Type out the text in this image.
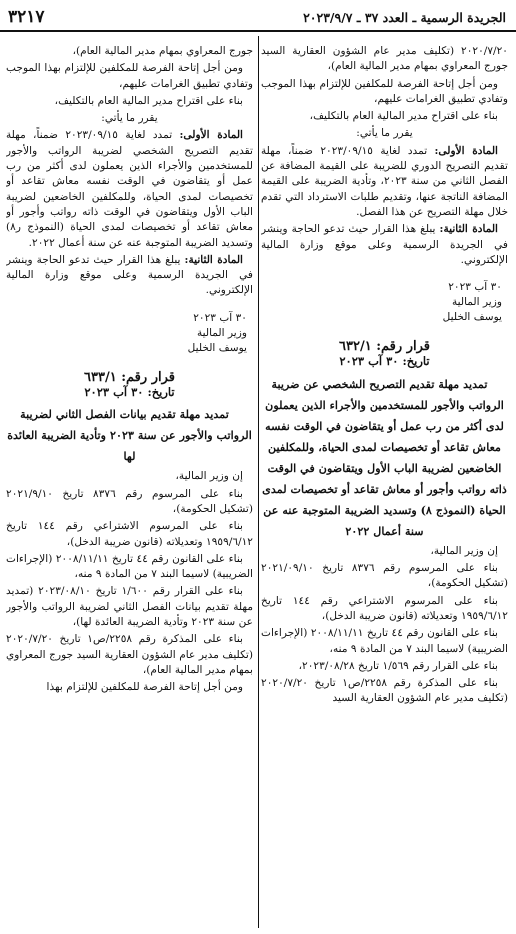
الجريدة الرسمية ـ العدد ٣٧ ـ ٢٠٢٣/٩/٧
٣٢١٧

٢٠٢٠/٧/٢٠ (تكليف مدير عام الشؤون العقارية السيد جورج المعراوي بمهام مدير المالية العام)،

ومن أجل إتاحة الفرصة للمكلفين للإلتزام بهذا الموجب وتفادي تطبيق الغرامات عليهم،

بناء على اقتراح مدير المالية العام بالتكليف،

يقرر ما يأتي:

المادة الأولى: تمدد لغاية ٢٠٢٣/٠٩/١٥ ضمناً، مهلة تقديم التصريح الدوري للضريبة على القيمة المضافة عن الفصل الثاني من سنة ٢٠٢٣، وتأدية الضريبة على القيمة المضافة الناتجة عنها، وتقديم طلبات الاسترداد التي تقدم خلال مهلة التصريح عن هذا الفصل.

المادة الثانية: يبلغ هذا القرار حيث تدعو الحاجة وينشر في الجريدة الرسمية وعلى موقع وزارة المالية الإلكتروني.

٣٠ آب ٢٠٢٣
وزير المالية
يوسف الخليل
قرار رقم: ٦٣٢/١
تاريخ: ٣٠ آب ٢٠٢٣

تمديد مهلة تقديم التصريح الشخصي عن ضريبة الرواتب والأجور للمستخدمين والأجراء الذين يعملون لدى أكثر من رب عمل أو يتقاضون في الوقت نفسه معاش تقاعد أو تخصيصات لمدى الحياة، وللمكلفين الخاضعين لضريبة الباب الأول ويتقاضون في الوقت ذاته رواتب وأجور أو معاش تقاعد أو تخصيصات لمدى الحياة (النموذج ٨) وتسديد الضريبة المتوجبة عنه عن سنة أعمال ٢٠٢٢

إن وزير المالية،

بناء على المرسوم رقم ٨٣٧٦ تاريخ ٢٠٢١/٠٩/١٠ (تشكيل الحكومة)،

بناء على المرسوم الاشتراعي رقم ١٤٤ تاريخ ١٩٥٩/٦/١٢ وتعديلاته (قانون ضريبة الدخل)،

بناء على القانون رقم ٤٤ تاريخ ٢٠٠٨/١١/١١ (الإجراءات الضريبية) لاسيما البند ٧ من المادة ٩ منه،

بناء على القرار رقم ١/٥٦٩ تاريخ ٢٠٢٣/٠٨/٢٨،

بناء على المذكرة رقم ٢٢٥٨/ص١ تاريخ ٢٠٢٠/٧/٢٠ (تكليف مدير عام الشؤون العقارية السيد

جورج المعراوي بمهام مدير المالية العام)،

ومن أجل إتاحة الفرصة للمكلفين للإلتزام بهذا الموجب وتفادي تطبيق الغرامات عليهم،

بناء على اقتراح مدير المالية العام بالتكليف،

يقرر ما يأتي:

المادة الأولى: تمدد لغاية ٢٠٢٣/٠٩/١٥ ضمناً، مهلة تقديم التصريح الشخصي لضريبة الرواتب والأجور للمستخدمين والأجراء الذين يعملون لدى أكثر من رب عمل أو يتقاضون في الوقت نفسه معاش تقاعد أو تخصيصات لمدى الحياة، وللمكلفين الخاضعين لضريبة الباب الأول ويتقاضون في الوقت ذاته رواتب وأجور أو معاش تقاعد أو تخصيصات لمدى الحياة (النموذج ر٨) وتسديد الضريبة المتوجبة عنه عن سنة أعمال ٢٠٢٢.

المادة الثانية: يبلغ هذا القرار حيث تدعو الحاجة وينشر في الجريدة الرسمية وعلى موقع وزارة المالية الإلكتروني.

٣٠ آب ٢٠٢٣
وزير المالية
يوسف الخليل
قرار رقم: ٦٣٣/١
تاريخ: ٣٠ آب ٢٠٢٣

تمديد مهلة تقديم بيانات الفصل الثاني لضريبة الرواتب والأجور عن سنة ٢٠٢٣ وتأدية الضريبة العائدة لها

إن وزير المالية،

بناء على المرسوم رقم ٨٣٧٦ تاريخ ٢٠٢١/٩/١٠ (تشكيل الحكومة)،

بناء على المرسوم الاشتراعي رقم ١٤٤ تاريخ ١٩٥٩/٦/١٢ وتعديلاته (قانون ضريبة الدخل)،

بناء على القانون رقم ٤٤ تاريخ ٢٠٠٨/١١/١١ (الإجراءات الضريبية) لاسيما البند ٧ من المادة ٩ منه،

بناء على القرار رقم ١/٦٠٠ تاريخ ٢٠٢٣/٠٨/١٠ (تمديد مهلة تقديم بيانات الفصل الثاني لضريبة الرواتب والأجور عن سنة ٢٠٢٣ وتأدية الضريبة العائدة لها)،

بناء على المذكرة رقم ٢٢٥٨/ص١ تاريخ ٢٠٢٠/٧/٢٠ (تكليف مدير عام الشؤون العقارية السيد جورج المعراوي بمهام مدير المالية العام)،

ومن أجل إتاحة الفرصة للمكلفين للإلتزام بهذا
